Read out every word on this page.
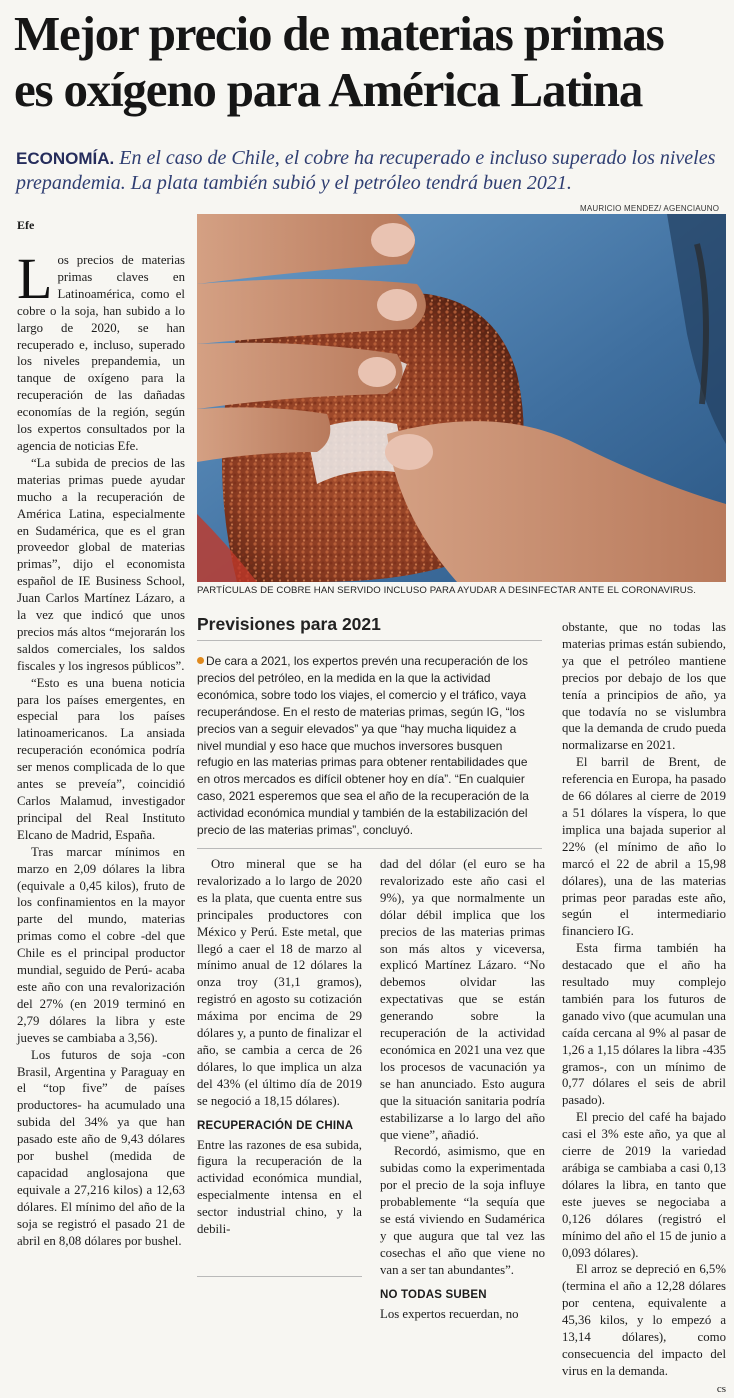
Mejor precio de materias primas
es oxígeno para América Latina
ECONOMÍA. En el caso de Chile, el cobre ha recuperado e incluso superado los niveles prepandemia. La plata también subió y el petróleo tendrá buen 2021.
MAURICIO MENDEZ/ AGENCIAUNO
Efe
PARTÍCULAS DE COBRE HAN SERVIDO INCLUSO PARA AYUDAR A DESINFECTAR ANTE EL CORONAVIRUS.

Los precios de materias primas claves en Latinoamérica, como el cobre o la soja, han subido a lo largo de 2020, se han recuperado e, incluso, superado los niveles prepandemia, un tanque de oxígeno para la recuperación de las dañadas economías de la región, según los expertos consultados por la agencia de noticias Efe.

“La subida de precios de las materias primas puede ayudar mucho a la recuperación de América Latina, especialmente en Sudamérica, que es el gran proveedor global de materias primas”, dijo el economista español de IE Business School, Juan Carlos Martínez Lázaro, a la vez que indicó que unos precios más altos “mejorarán los saldos comerciales, los saldos fiscales y los ingresos públicos”.

“Esto es una buena noticia para los países emergentes, en especial para los países latinoamericanos. La ansiada recuperación económica podría ser menos complicada de lo que antes se preveía”, coincidió Carlos Malamud, investigador principal del Real Instituto Elcano de Madrid, España.

Tras marcar mínimos en marzo en 2,09 dólares la libra (equivale a 0,45 kilos), fruto de los confinamientos en la mayor parte del mundo, materias primas como el cobre -del que Chile es el principal productor mundial, seguido de Perú- acaba este año con una revalorización del 27% (en 2019 terminó en 2,79 dólares la libra y este jueves se cambiaba a 3,56).

Los futuros de soja -con Brasil, Argentina y Paraguay en el “top five” de países productores- ha acumulado una subida del 34% ya que han pasado este año de 9,43 dólares por bushel (medida de capacidad anglosajona que equivale a 27,216 kilos) a 12,63 dólares. El mínimo del año de la soja se registró el pasado 21 de abril en 8,08 dólares por bushel.

Previsiones para 2021
De cara a 2021, los expertos prevén una recuperación de los precios del petróleo, en la medida en la que la actividad económica, sobre todo los viajes, el comercio y el tráfico, vaya recuperándose. En el resto de materias primas, según IG, “los precios van a seguir elevados” ya que “hay mucha liquidez a nivel mundial y eso hace que muchos inversores busquen refugio en las materias primas para obtener rentabilidades que en otros mercados es difícil obtener hoy en día”. “En cualquier caso, 2021 esperemos que sea el año de la recuperación de la actividad económica mundial y también de la estabilización del precio de las materias primas”, concluyó.

Otro mineral que se ha revalorizado a lo largo de 2020 es la plata, que cuenta entre sus principales productores con México y Perú. Este metal, que llegó a caer el 18 de marzo al mínimo anual de 12 dólares la onza troy (31,1 gramos), registró en agosto su cotización máxima por encima de 29 dólares y, a punto de finalizar el año, se cambia a cerca de 26 dólares, lo que implica un alza del 43% (el último día de 2019 se negoció a 18,15 dólares).

RECUPERACIÓN DE CHINA

Entre las razones de esa subida, figura la recuperación de la actividad económica mundial, especialmente intensa en el sector industrial chino, y la debili-

dad del dólar (el euro se ha revalorizado este año casi el 9%), ya que normalmente un dólar débil implica que los precios de las materias primas son más altos y viceversa, explicó Martínez Lázaro. “No debemos olvidar las expectativas que se están generando sobre la recuperación de la actividad económica en 2021 una vez que los procesos de vacunación ya se han anunciado. Esto augura que la situación sanitaria podría estabilizarse a lo largo del año que viene”, añadió.

Recordó, asimismo, que en subidas como la experimentada por el precio de la soja influye probablemente “la sequía que se está viviendo en Sudamérica y que augura que tal vez las cosechas el año que viene no van a ser tan abundantes”.

NO TODAS SUBEN

Los expertos recuerdan, no

obstante, que no todas las materias primas están subiendo, ya que el petróleo mantiene precios por debajo de los que tenía a principios de año, ya que todavía no se vislumbra que la demanda de crudo pueda normalizarse en 2021.

El barril de Brent, de referencia en Europa, ha pasado de 66 dólares al cierre de 2019 a 51 dólares la víspera, lo que implica una bajada superior al 22% (el mínimo de año lo marcó el 22 de abril a 15,98 dólares), una de las materias primas peor paradas este año, según el intermediario financiero IG.

Esta firma también ha destacado que el año ha resultado muy complejo también para los futuros de ganado vivo (que acumulan una caída cercana al 9% al pasar de 1,26 a 1,15 dólares la libra -435 gramos-, con un mínimo de 0,77 dólares el seis de abril pasado).

El precio del café ha bajado casi el 3% este año, ya que al cierre de 2019 la variedad arábiga se cambiaba a casi 0,13 dólares la libra, en tanto que este jueves se negociaba a 0,126 dólares (registró el mínimo del año el 15 de junio a 0,093 dólares).

El arroz se depreció en 6,5% (termina el año a 12,28 dólares por centena, equivalente a 45,36 kilos, y lo empezó a 13,14 dólares), como consecuencia del impacto del virus en la demanda.

cs
